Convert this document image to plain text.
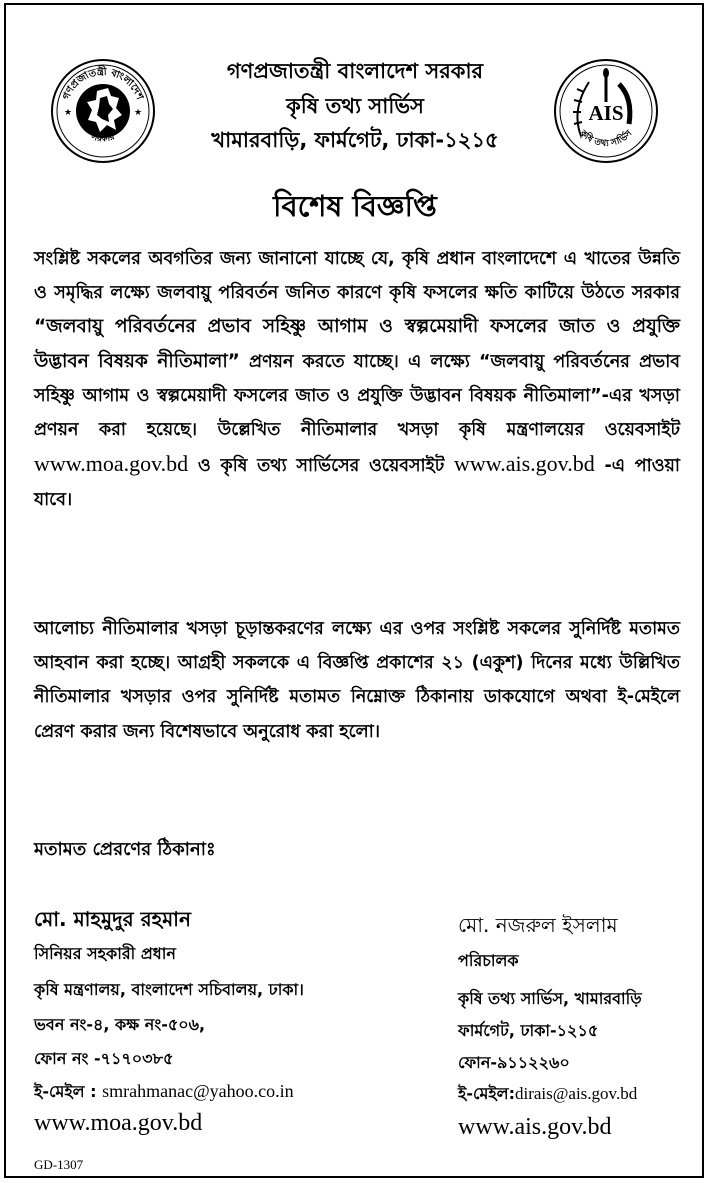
গণপ্রজাতন্ত্রী বাংলাদেশ
সরকার
★	★	AIS
কৃষি তথ্য সার্ভিস
গণপ্রজাতন্ত্রী বাংলাদেশ সরকার
কৃষি তথ্য সার্ভিস
খামারবাড়ি, ফার্মগেট, ঢাকা-১২১৫
বিশেষ বিজ্ঞপ্তি
সংশ্লিষ্ট সকলের অবগতির জন্য জানানো যাচ্ছে যে, কৃষি প্রধান বাংলাদেশে এ খাতের উন্নতি ও সমৃদ্ধির লক্ষ্যে জলবায়ু পরিবর্তন জনিত কারণে কৃষি ফসলের ক্ষতি কাটিয়ে উঠতে সরকার “জলবায়ু পরিবর্তনের প্রভাব সহিষ্ণু আগাম ও স্বল্পমেয়াদী ফসলের জাত ও প্রযুক্তি উদ্ভাবন বিষয়ক নীতিমালা” প্রণয়ন করতে যাচ্ছে। এ লক্ষ্যে “জলবায়ু পরিবর্তনের প্রভাব সহিষ্ণু আগাম ও স্বল্পমেয়াদী ফসলের জাত ও প্রযুক্তি উদ্ভাবন বিষয়ক নীতিমালা”-এর খসড়া প্রণয়ন করা হয়েছে। উল্লেখিত নীতিমালার খসড়া কৃষি মন্ত্রণালয়ের ওয়েবসাইট www.moa.gov.bd ও কৃষি তথ্য সার্ভিসের ওয়েবসাইট www.ais.gov.bd -এ পাওয়া যাবে।
আলোচ্য নীতিমালার খসড়া চূড়ান্তকরণের লক্ষ্যে এর ওপর সংশ্লিষ্ট সকলের সুনির্দিষ্ট মতামত আহবান করা হচ্ছে। আগ্রহী সকলকে এ বিজ্ঞপ্তি প্রকাশের ২১ (একুশ) দিনের মধ্যে উল্লিখিত নীতিমালার খসড়ার ওপর সুনির্দিষ্ট মতামত নিম্নোক্ত ঠিকানায় ডাকযোগে অথবা ই-মেইলে প্রেরণ করার জন্য বিশেষভাবে অনুরোধ করা হলো।
মতামত প্রেরণের ঠিকানাঃ
মো. মাহমুদুর রহমান
সিনিয়র সহকারী প্রধান
কৃষি মন্ত্রণালয়, বাংলাদেশ সচিবালয়, ঢাকা।
ভবন নং-৪, কক্ষ নং-৫০৬,
ফোন নং -৭১৭০৩৮৫
ই-মেইল : smrahmanac@yahoo.co.in
www.moa.gov.bd
মো. নজরুল ইসলাম
পরিচালক
কৃষি তথ্য সার্ভিস, খামারবাড়ি
ফার্মগেট, ঢাকা-১২১৫
ফোন-৯১১২২৬০
ই-মেইল:dirais@ais.gov.bd
www.ais.gov.bd
GD-1307
